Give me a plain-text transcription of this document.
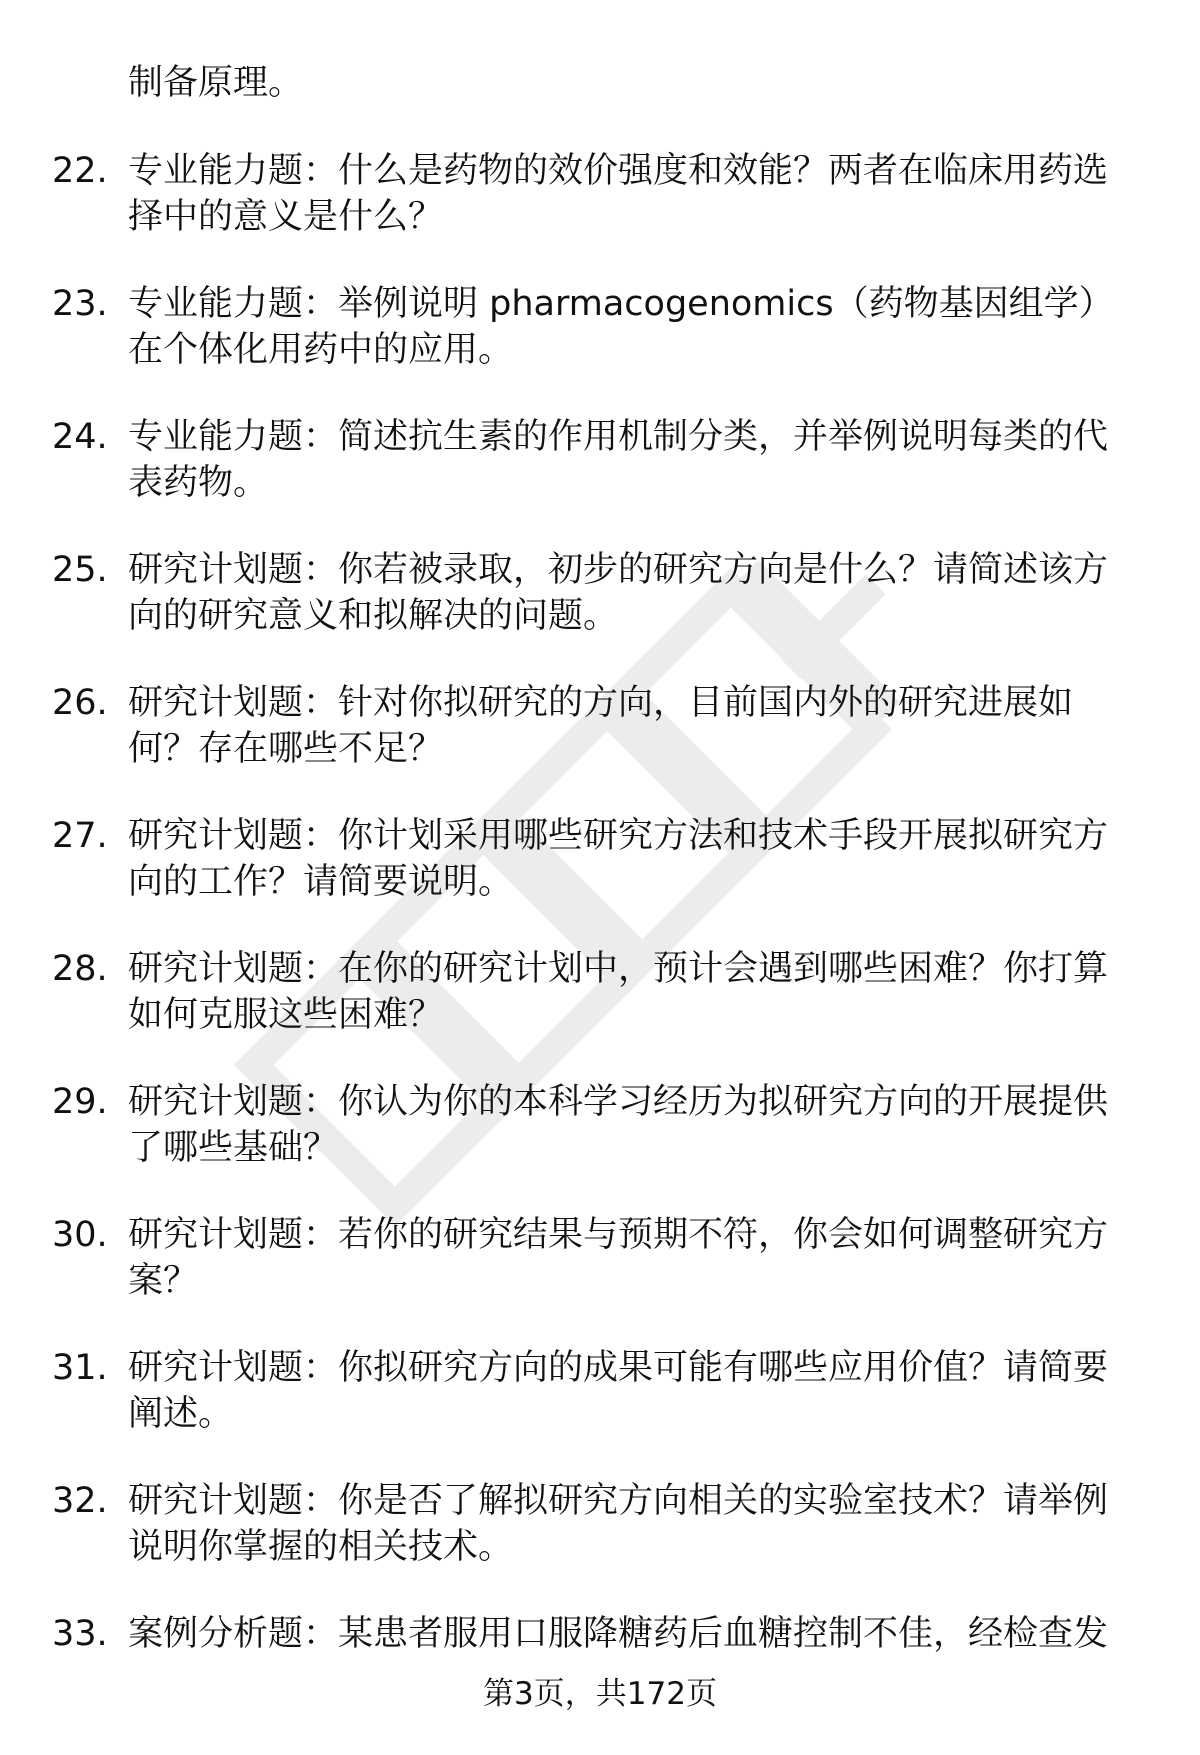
制备原理。
22. 专业能力题：什么是药物的效价强度和效能？两者在临床用药选择中的意义是什么？
23. 专业能力题：举例说明 pharmacogenomics（药物基因组学）在个体化用药中的应用。
24. 专业能力题：简述抗生素的作用机制分类，并举例说明每类的代表药物。
25. 研究计划题：你若被录取，初步的研究方向是什么？请简述该方向的研究意义和拟解决的问题。
26. 研究计划题：针对你拟研究的方向，目前国内外的研究进展如何？存在哪些不足？
27. 研究计划题：你计划采用哪些研究方法和技术手段开展拟研究方向的工作？请简要说明。
28. 研究计划题：在你的研究计划中，预计会遇到哪些困难？你打算如何克服这些困难？
29. 研究计划题：你认为你的本科学习经历为拟研究方向的开展提供了哪些基础？
30. 研究计划题：若你的研究结果与预期不符，你会如何调整研究方案？
31. 研究计划题：你拟研究方向的成果可能有哪些应用价值？请简要阐述。
32. 研究计划题：你是否了解拟研究方向相关的实验室技术？请举例说明你掌握的相关技术。
33. 案例分析题：某患者服用口服降糖药后血糖控制不佳，经检查发
第3页，共172页
